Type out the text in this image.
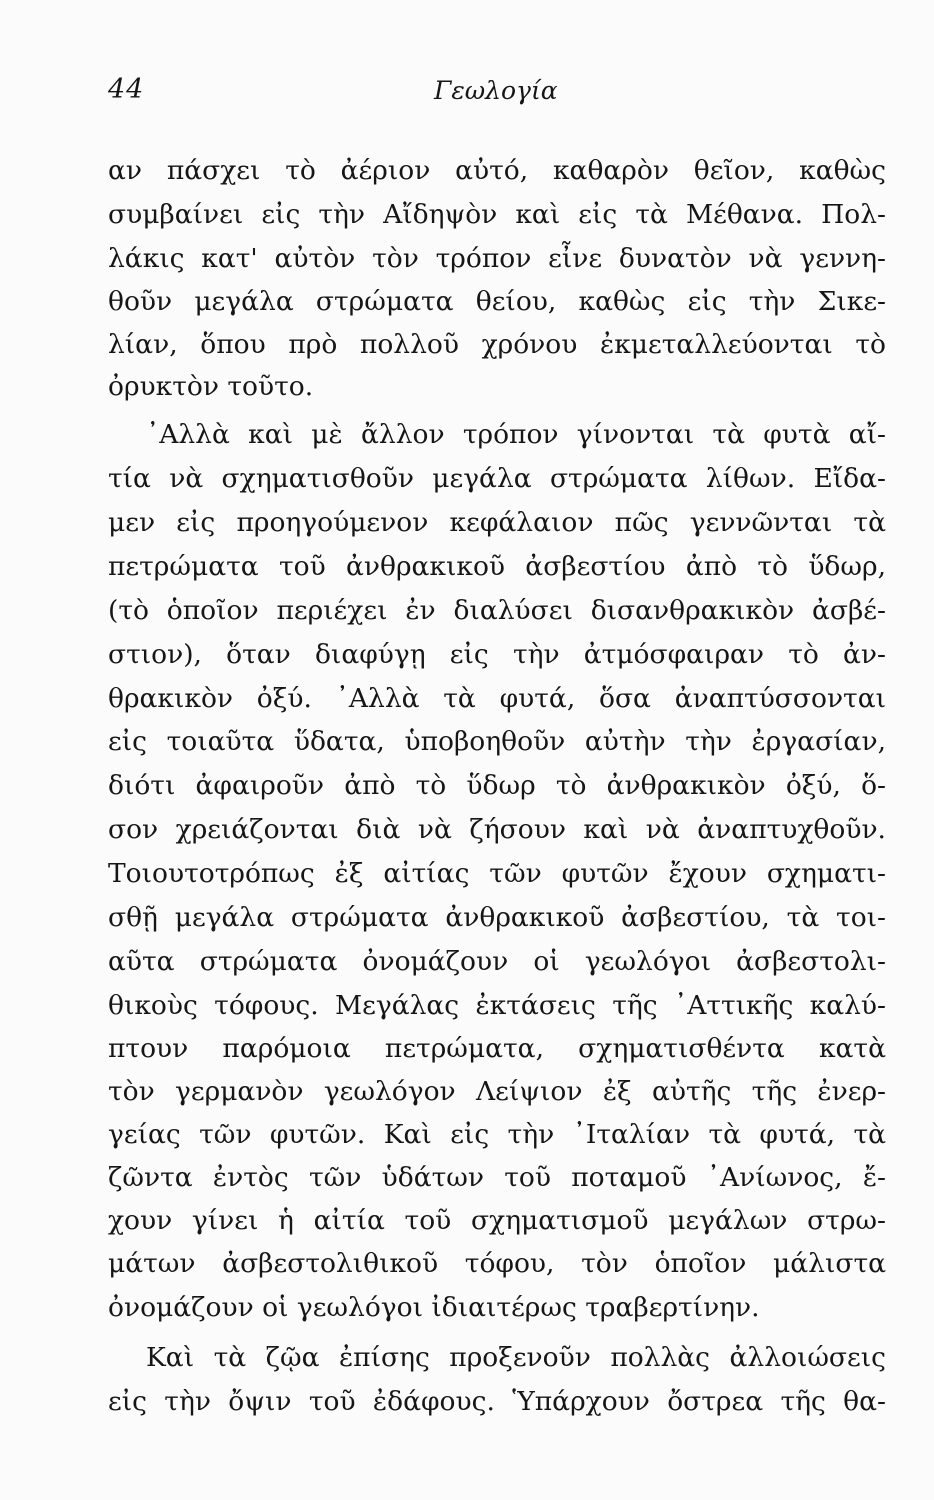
44	Γεωλογία
αν πάσχει τὸ ἀέριον αὐτό, καθαρὸν θεῖον, καθὼς
συμβαίνει εἰς τὴν Αἴδηψὸν καὶ εἰς τὰ Μέθανα. Πολ-
λάκις κατ' αὐτὸν τὸν τρόπον εἶνε δυνατὸν νὰ γεννη-
θοῦν μεγάλα στρώματα θείου, καθὼς εἰς τὴν Σικε-
λίαν, ὅπου πρὸ πολλοῦ χρόνου ἐκμεταλλεύονται τὸ
ὀρυκτὸν τοῦτο.
᾿Αλλὰ καὶ μὲ ἄλλον τρόπον γίνονται τὰ φυτὰ αἴ-
τία νὰ σχηματισθοῦν μεγάλα στρώματα λίθων. Εἴδα-
μεν εἰς προηγούμενον κεφάλαιον πῶς γεννῶνται τὰ
πετρώματα τοῦ ἀνθρακικοῦ ἀσβεστίου ἀπὸ τὸ ὕδωρ,
(τὸ ὁποῖον περιέχει ἐν διαλύσει δισανθρακικὸν ἀσβέ-
στιον), ὅταν διαφύγῃ εἰς τὴν ἀτμόσφαιραν τὸ ἀν-
θρακικὸν ὀξύ. ᾿Αλλὰ τὰ φυτά, ὅσα ἀναπτύσσονται
εἰς τοιαῦτα ὕδατα, ὑποβοηθοῦν αὐτὴν τὴν ἐργασίαν,
διότι ἀφαιροῦν ἀπὸ τὸ ὕδωρ τὸ ἀνθρακικὸν ὀξύ, ὅ-
σον χρειάζονται διὰ νὰ ζήσουν καὶ νὰ ἀναπτυχθοῦν.
Τοιουτοτρόπως ἐξ αἰτίας τῶν φυτῶν ἔχουν σχηματι-
σθῇ μεγάλα στρώματα ἀνθρακικοῦ ἀσβεστίου, τὰ τοι-
αῦτα στρώματα ὀνομάζουν οἱ γεωλόγοι ἀσβεστολι-
θικοὺς τόφους. Μεγάλας ἐκτάσεις τῆς ᾿Αττικῆς καλύ-
πτουν παρόμοια πετρώματα, σχηματισθέντα κατὰ
τὸν γερμανὸν γεωλόγον Λείψιον ἐξ αὐτῆς τῆς ἐνερ-
γείας τῶν φυτῶν. Καὶ εἰς τὴν ᾿Ιταλίαν τὰ φυτά, τὰ
ζῶντα ἐντὸς τῶν ὑδάτων τοῦ ποταμοῦ ᾿Ανίωνος, ἔ-
χουν γίνει ἡ αἰτία τοῦ σχηματισμοῦ μεγάλων στρω-
μάτων ἀσβεστολιθικοῦ τόφου, τὸν ὁποῖον μάλιστα
ὀνομάζουν οἱ γεωλόγοι ἰδιαιτέρως τραβερτίνην.
Καὶ τὰ ζῷα ἐπίσης προξενοῦν πολλὰς ἀλλοιώσεις
εἰς τὴν ὄψιν τοῦ ἐδάφους. Ὑπάρχουν ὄστρεα τῆς θα-
